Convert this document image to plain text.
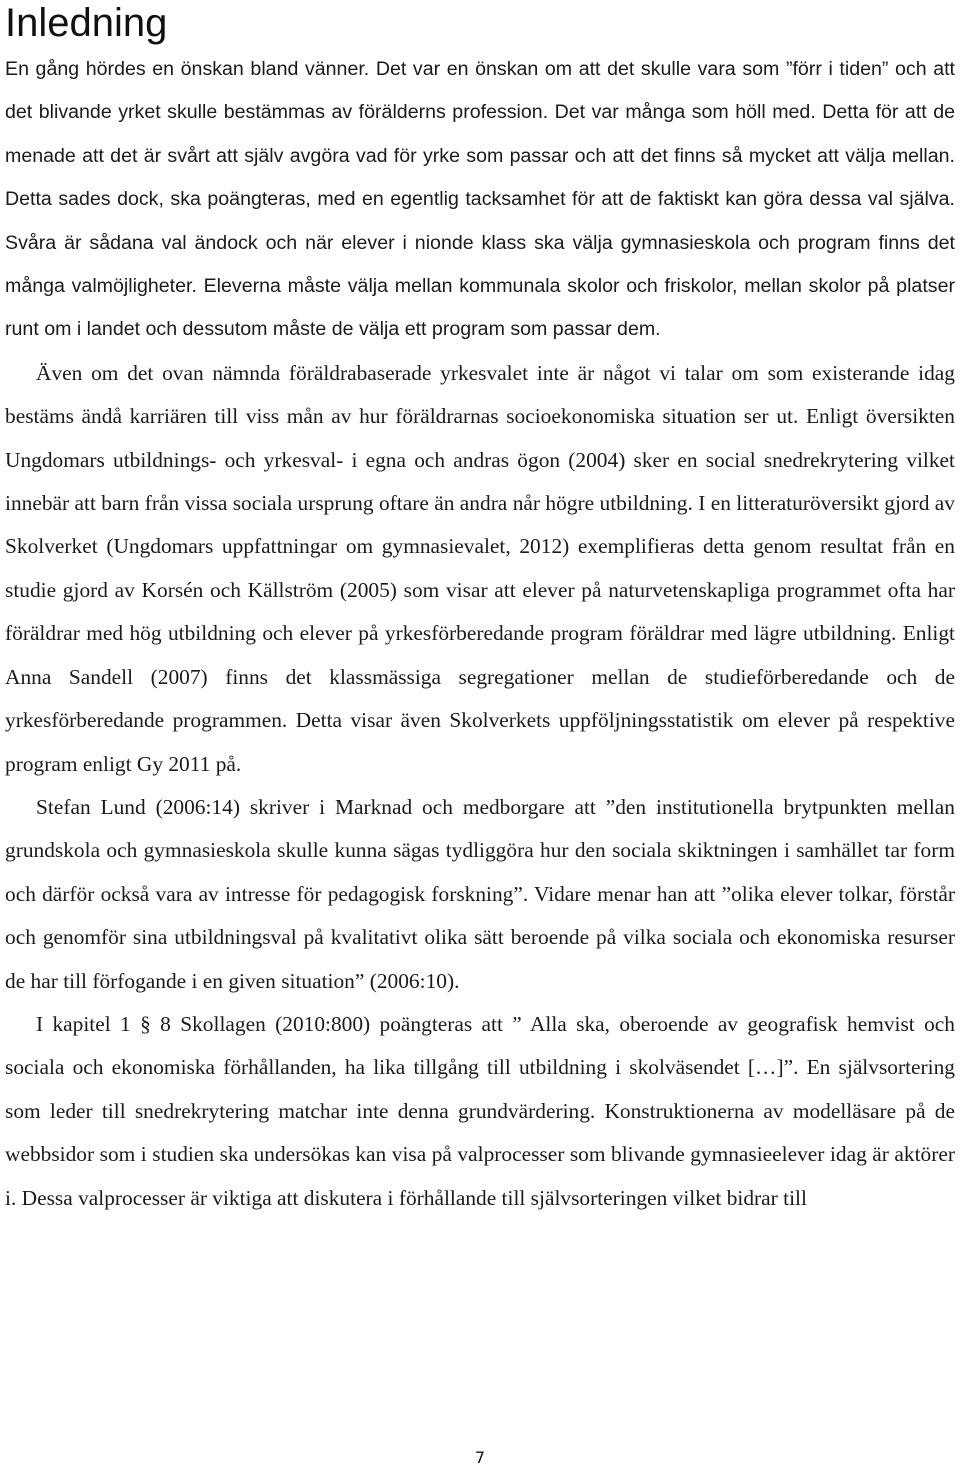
Inledning

En gång hördes en önskan bland vänner. Det var en önskan om att det skulle vara som ”förr i tiden” och att det blivande yrket skulle bestämmas av förälderns profession. Det var många som höll med. Detta för att de menade att det är svårt att själv avgöra vad för yrke som passar och att det finns så mycket att välja mellan. Detta sades dock, ska poängteras, med en egentlig tacksamhet för att de faktiskt kan göra dessa val själva. Svåra är sådana val ändock och när elever i nionde klass ska välja gymnasieskola och program finns det många valmöjligheter. Eleverna måste välja mellan kommunala skolor och friskolor, mellan skolor på platser runt om i landet och dessutom måste de välja ett program som passar dem.

Även om det ovan nämnda föräldrabaserade yrkesvalet inte är något vi talar om som existerande idag bestäms ändå karriären till viss mån av hur föräldrarnas socioekonomiska situation ser ut. Enligt översikten Ungdomars utbildnings- och yrkesval- i egna och andras ögon (2004) sker en social snedrekrytering vilket innebär att barn från vissa sociala ursprung oftare än andra når högre utbildning. I en litteraturöversikt gjord av Skolverket (Ungdomars uppfattningar om gymnasievalet, 2012) exemplifieras detta genom resultat från en studie gjord av Korsén och Källström (2005) som visar att elever på naturvetenskapliga programmet ofta har föräldrar med hög utbildning och elever på yrkesförberedande program föräldrar med lägre utbildning. Enligt Anna Sandell (2007) finns det klassmässiga segregationer mellan de studieförberedande och de yrkesförberedande programmen. Detta visar även Skolverkets uppföljningsstatistik om elever på respektive program enligt Gy 2011 på.

Stefan Lund (2006:14) skriver i Marknad och medborgare att ”den institutionella brytpunkten mellan grundskola och gymnasieskola skulle kunna sägas tydliggöra hur den sociala skiktningen i samhället tar form och därför också vara av intresse för pedagogisk forskning”. Vidare menar han att ”olika elever tolkar, förstår och genomför sina utbildningsval på kvalitativt olika sätt beroende på vilka sociala och ekonomiska resurser de har till förfogande i en given situation” (2006:10).

I kapitel 1 § 8 Skollagen (2010:800) poängteras att ” Alla ska, oberoende av geografisk hemvist och sociala och ekonomiska förhållanden, ha lika tillgång till utbildning i skolväsendet […]”. En självsortering som leder till snedrekrytering matchar inte denna grundvärdering. Konstruktionerna av modelläsare på de webbsidor som i studien ska undersökas kan visa på valprocesser som blivande gymnasieelever idag är aktörer i. Dessa valprocesser är viktiga att diskutera i förhållande till självsorteringen vilket bidrar till

7
